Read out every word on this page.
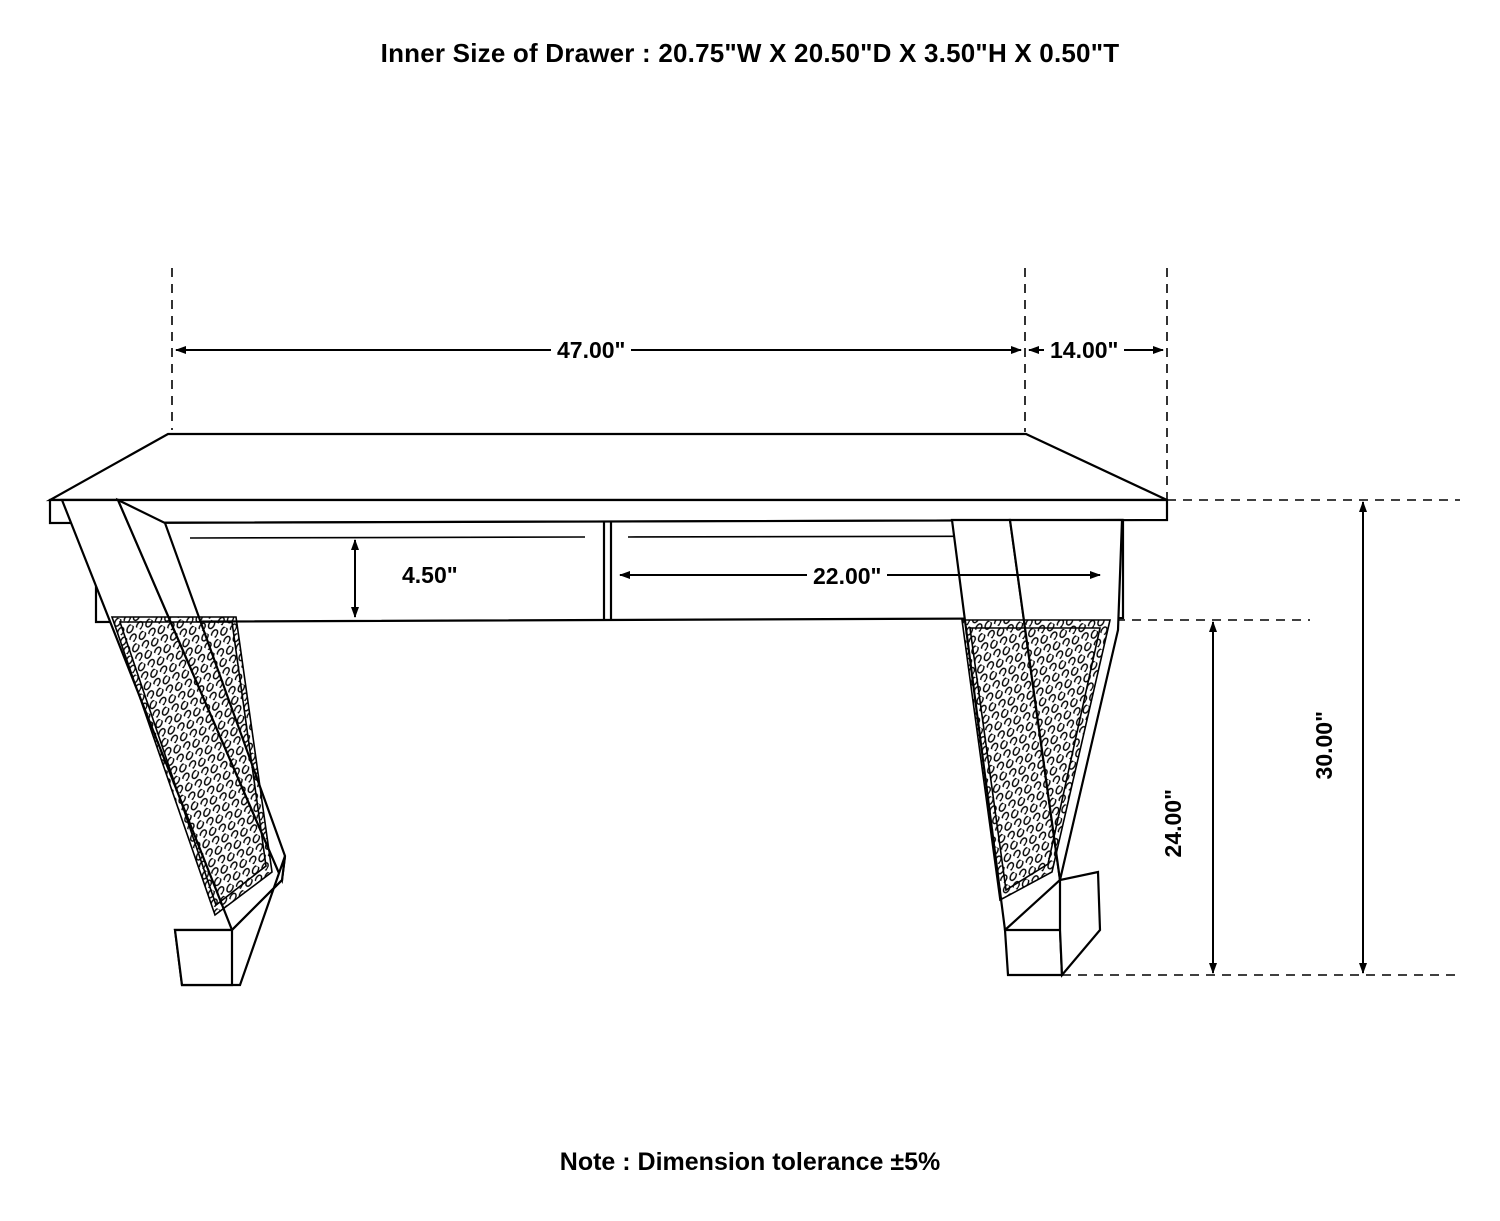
Inner Size of Drawer : 20.75"W X 20.50"D X 3.50"H X 0.50"T
47.00"	14.00"
4.50"	22.00"
24.00"
30.00"
Note : Dimension tolerance ±5%
